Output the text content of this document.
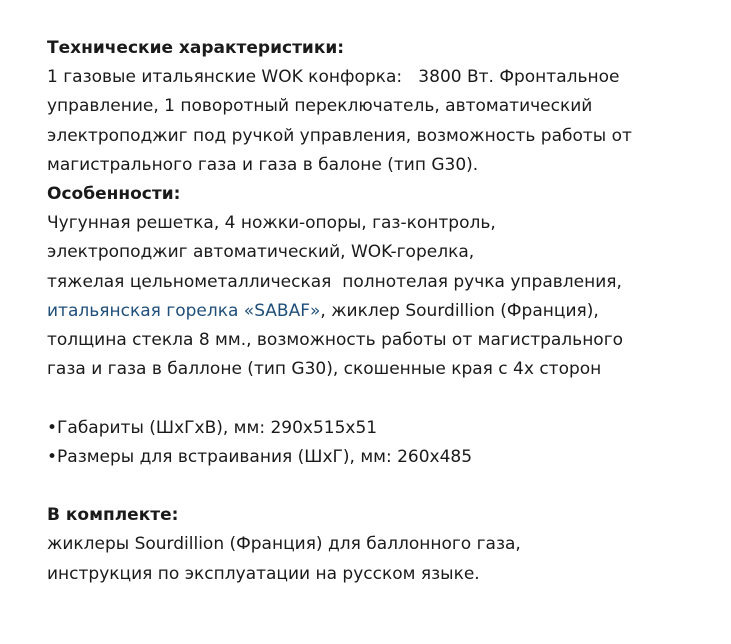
Технические характеристики:
1 газовые итальянские WOK конфорка:   3800 Вт. Фронтальное
управление, 1 поворотный переключатель, автоматический
электроподжиг под ручкой управления, возможность работы от
магистрального газа и газа в балоне (тип G30).
Особенности:
Чугунная решетка, 4 ножки-опоры, газ-контроль,
электроподжиг автоматический, WOK-горелка,
тяжелая цельнометаллическая  полнотелая ручка управления,
итальянская горелка «SABAF», жиклер Sourdillion (Франция),
толщина стекла 8 мм., возможность работы от магистрального
газа и газа в баллоне (тип G30), скошенные края с 4х сторон
•Габариты (ШхГхВ), мм: 290х515х51
•Размеры для встраивания (ШхГ), мм: 260х485
В комплекте:
жиклеры Sourdillion (Франция) для баллонного газа,
инструкция по эксплуатации на русском языке.
